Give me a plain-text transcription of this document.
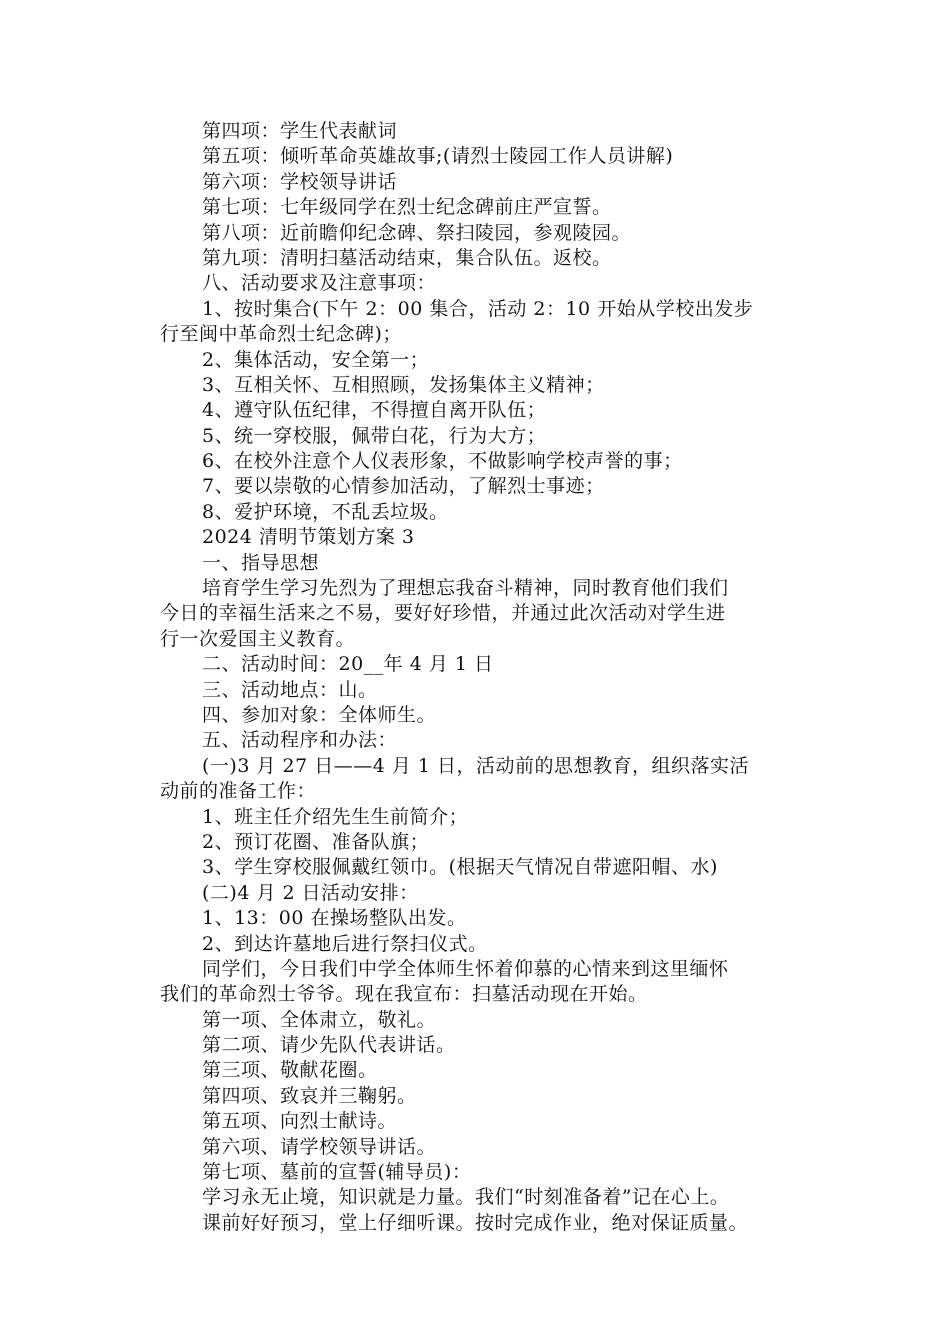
第四项：学生代表献词
第五项：倾听革命英雄故事;(请烈士陵园工作人员讲解)
第六项：学校领导讲话
第七项：七年级同学在烈士纪念碑前庄严宣誓。
第八项：近前瞻仰纪念碑、祭扫陵园，参观陵园。
第九项：清明扫墓活动结束，集合队伍。返校。
八、活动要求及注意事项：
1、按时集合(下午 2：00 集合，活动 2：10 开始从学校出发步
行至闽中革命烈士纪念碑)；
2、集体活动，安全第一；
3、互相关怀、互相照顾，发扬集体主义精神；
4、遵守队伍纪律，不得擅自离开队伍；
5、统一穿校服，佩带白花，行为大方；
6、在校外注意个人仪表形象，不做影响学校声誉的事；
7、要以崇敬的心情参加活动，了解烈士事迹；
8、爱护环境，不乱丢垃圾。
2024 清明节策划方案 3
一、指导思想
培育学生学习先烈为了理想忘我奋斗精神，同时教育他们我们
今日的幸福生活来之不易，要好好珍惜，并通过此次活动对学生进
行一次爱国主义教育。
二、活动时间：20__年 4 月 1 日
三、活动地点：山。
四、参加对象：全体师生。
五、活动程序和办法：
(一)3 月 27 日——4 月 1 日，活动前的思想教育，组织落实活
动前的准备工作：
1、班主任介绍先生生前简介；
2、预订花圈、准备队旗；
3、学生穿校服佩戴红领巾。(根据天气情况自带遮阳帽、水)
(二)4 月 2 日活动安排：
1、13：00 在操场整队出发。
2、到达许墓地后进行祭扫仪式。
同学们，今日我们中学全体师生怀着仰慕的心情来到这里缅怀
我们的革命烈士爷爷。现在我宣布：扫墓活动现在开始。
第一项、全体肃立，敬礼。
第二项、请少先队代表讲话。
第三项、敬献花圈。
第四项、致哀并三鞠躬。
第五项、向烈士献诗。
第六项、请学校领导讲话。
第七项、墓前的宣誓(辅导员)：
学习永无止境，知识就是力量。我们“时刻准备着”记在心上。
课前好好预习，堂上仔细听课。按时完成作业，绝对保证质量。
